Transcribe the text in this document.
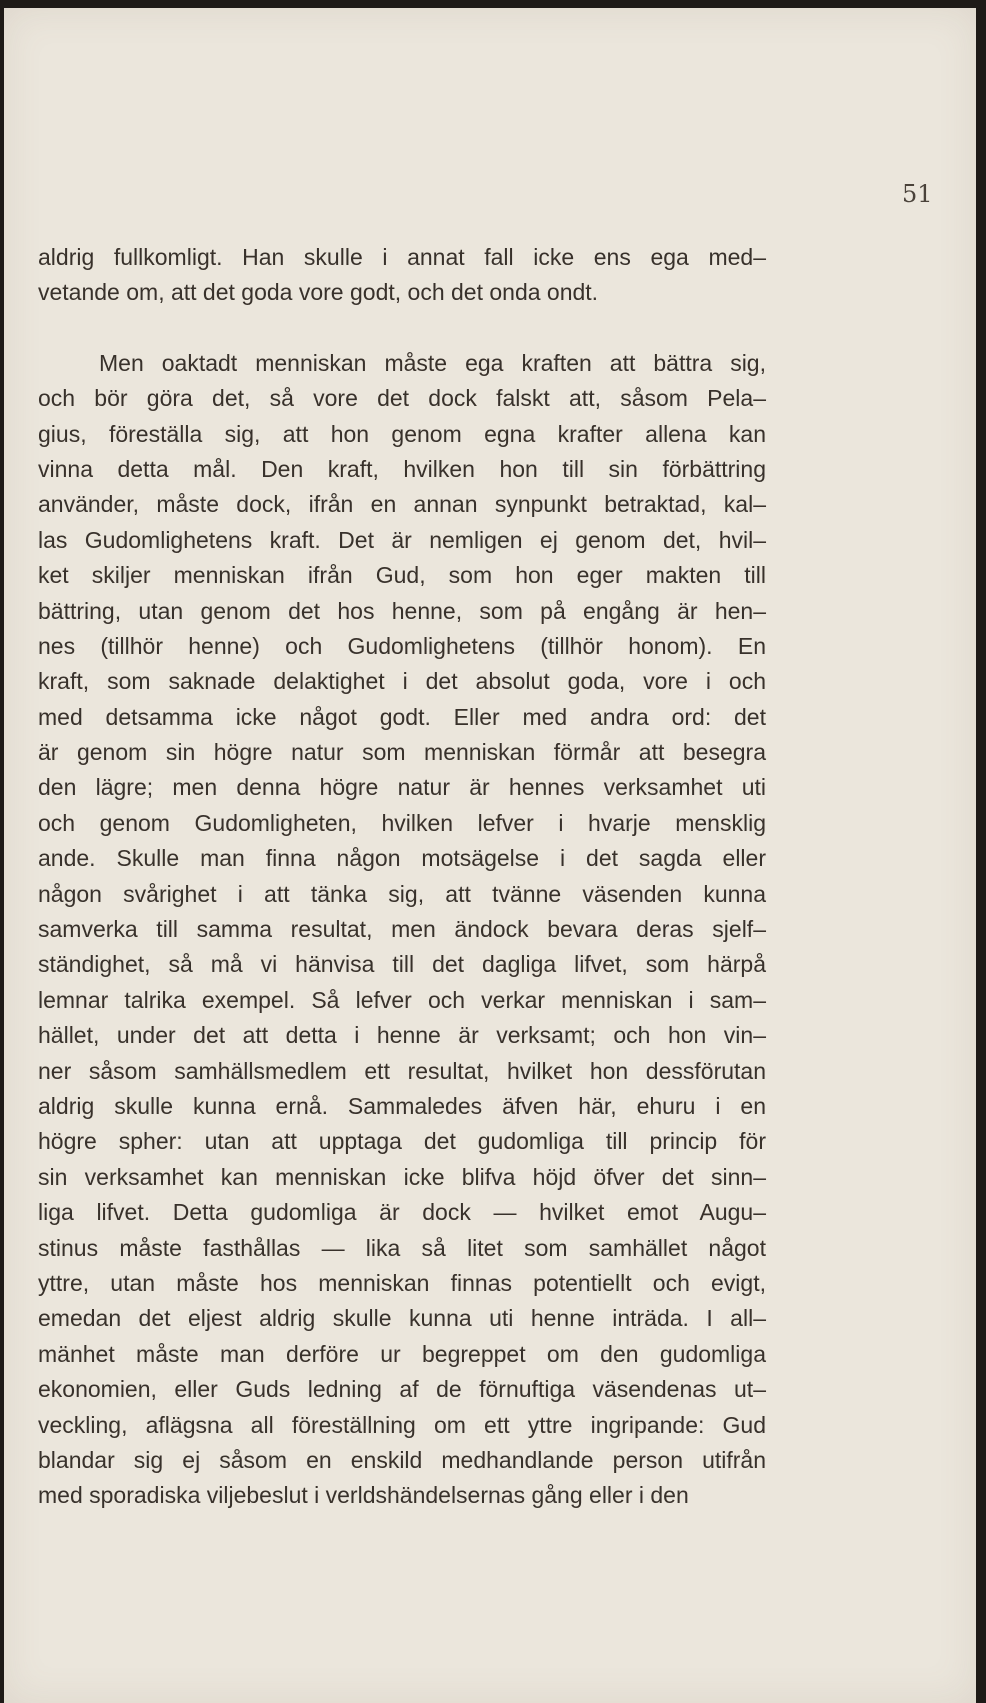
51
aldrig fullkomligt. Han skulle i annat fall icke ens ega med–
vetande om, att det goda vore godt, och det onda ondt.
Men oaktadt menniskan måste ega kraften att bättra sig,
och bör göra det, så vore det dock falskt att, såsom Pela–
gius, föreställa sig, att hon genom egna krafter allena kan
vinna detta mål. Den kraft, hvilken hon till sin förbättring
använder, måste dock, ifrån en annan synpunkt betraktad, kal–
las Gudomlighetens kraft. Det är nemligen ej genom det, hvil–
ket skiljer menniskan ifrån Gud, som hon eger makten till
bättring, utan genom det hos henne, som på engång är hen–
nes (tillhör henne) och Gudomlighetens (tillhör honom). En
kraft, som saknade delaktighet i det absolut goda, vore i och
med detsamma icke något godt. Eller med andra ord: det
är genom sin högre natur som menniskan förmår att besegra
den lägre; men denna högre natur är hennes verksamhet uti
och genom Gudomligheten, hvilken lefver i hvarje mensklig
ande. Skulle man finna någon motsägelse i det sagda eller
någon svårighet i att tänka sig, att tvänne väsenden kunna
samverka till samma resultat, men ändock bevara deras sjelf–
ständighet, så må vi hänvisa till det dagliga lifvet, som härpå
lemnar talrika exempel. Så lefver och verkar menniskan i sam–
hället, under det att detta i henne är verksamt; och hon vin–
ner såsom samhällsmedlem ett resultat, hvilket hon dessförutan
aldrig skulle kunna ernå. Sammaledes äfven här, ehuru i en
högre spher: utan att upptaga det gudomliga till princip för
sin verksamhet kan menniskan icke blifva höjd öfver det sinn–
liga lifvet. Detta gudomliga är dock — hvilket emot Augu–
stinus måste fasthållas — lika så litet som samhället något
yttre, utan måste hos menniskan finnas potentiellt och evigt,
emedan det eljest aldrig skulle kunna uti henne inträda. I all–
mänhet måste man derföre ur begreppet om den gudomliga
ekonomien, eller Guds ledning af de förnuftiga väsendenas ut–
veckling, aflägsna all föreställning om ett yttre ingripande: Gud
blandar sig ej såsom en enskild medhandlande person utifrån
med sporadiska viljebeslut i verldshändelsernas gång eller i den
